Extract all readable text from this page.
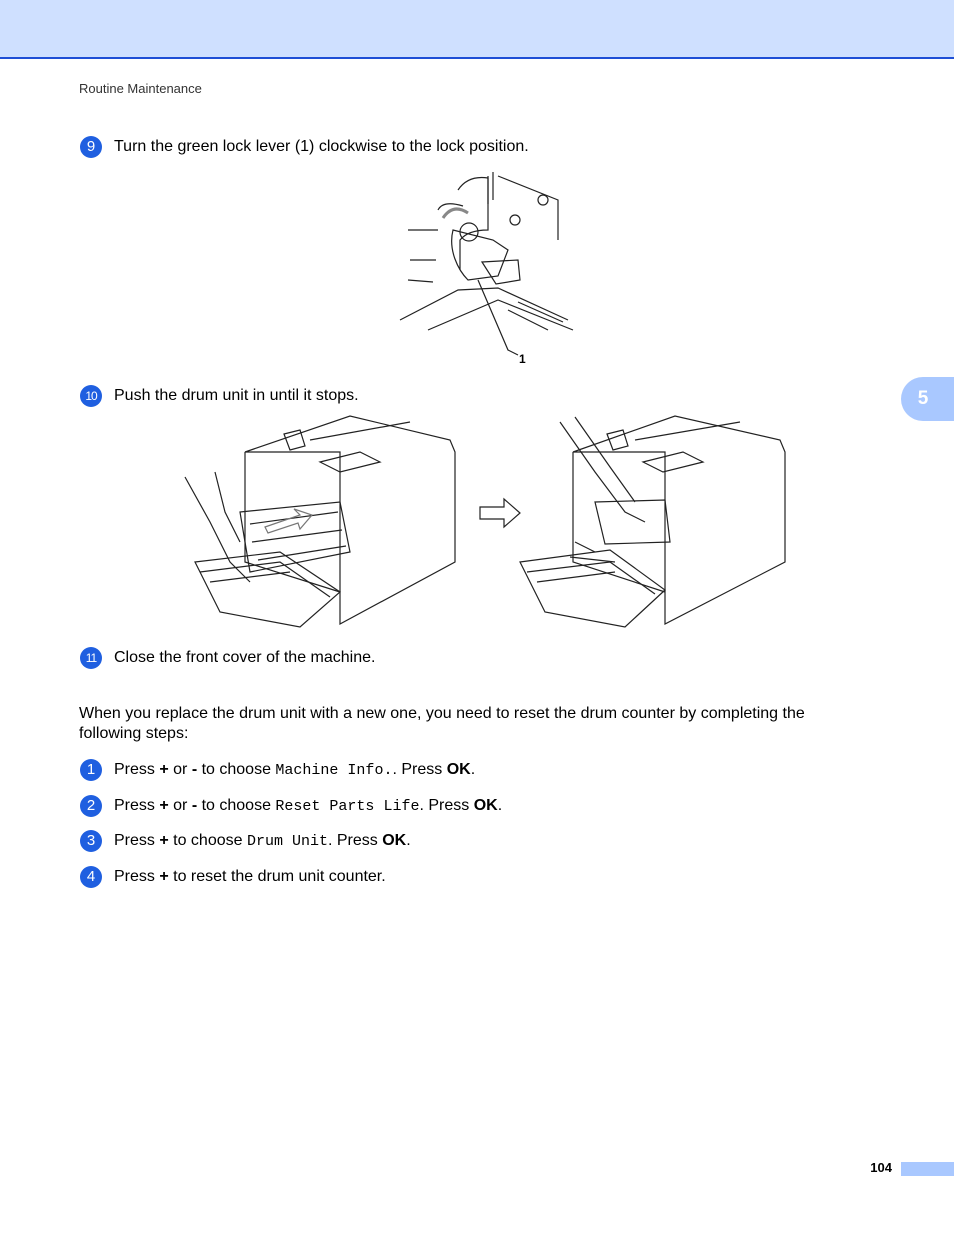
Routine Maintenance
9	Turn the green lock lever (1) clockwise to the lock position.
1
5
10	Push the drum unit in until it stops.
11	Close the front cover of the machine.
When you replace the drum unit with a new one, you need to reset the drum counter by completing the following steps:
1	Press + or - to choose Machine Info.. Press OK.
2	Press + or - to choose Reset Parts Life. Press OK.
3	Press + to choose Drum Unit. Press OK.
4	Press + to reset the drum unit counter.
104
